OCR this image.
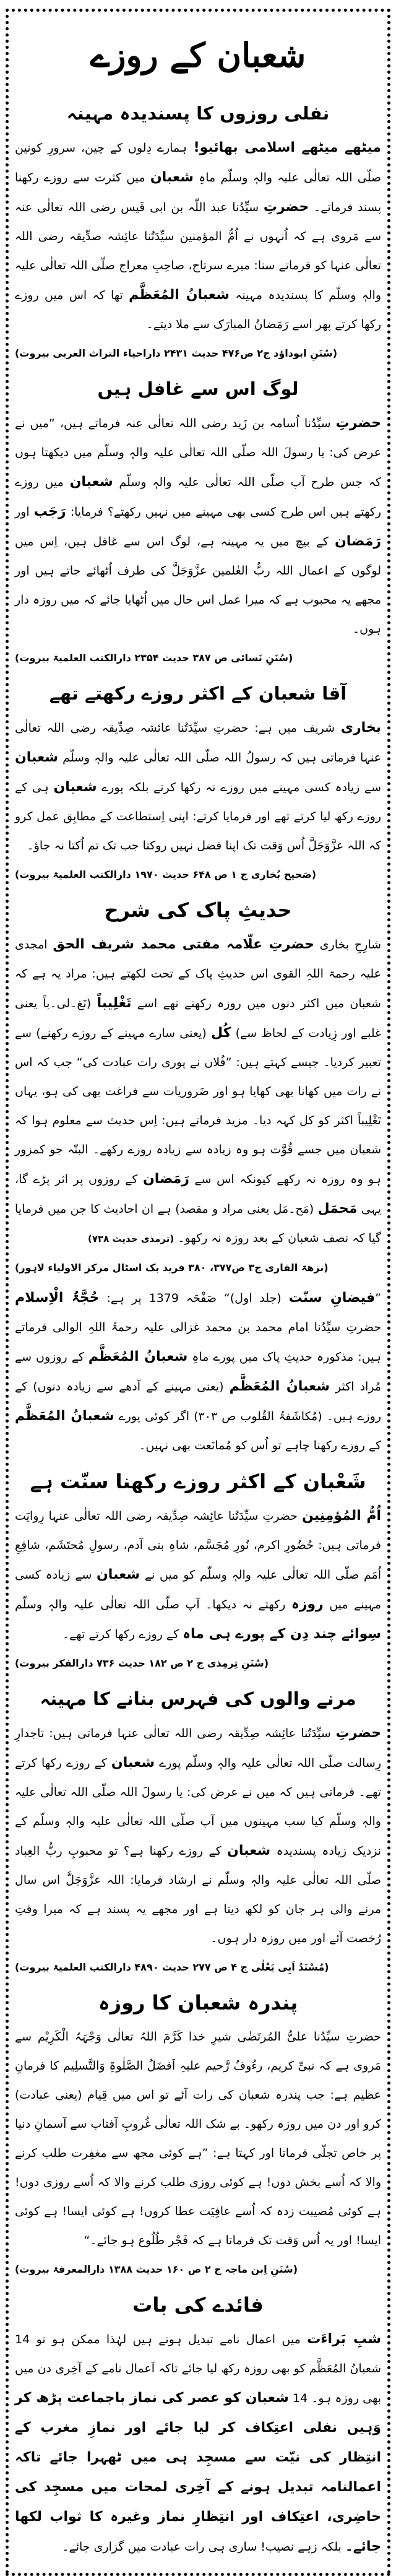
شعبان کے روزے
نفلی روزوں کا پسندیدہ مہینہ

میٹھے میٹھے اسلامی بھائیو! ہمارے دِلوں کے چین، سرورِ کونین صلّی اللہ تعالٰی علیہ والہٖ وسلّم ماہِ شعبان میں کثرت سے روزے رکھنا پسند فرماتے۔ حضرتِ سیِّدُنا عبد اللّٰہ بن ابی قَیس رضی اللہ تعالٰی عنہ سے مَروی ہے کہ اُنہوں نے اُمُّ المؤمنین سیِّدَتُنا عائِشہ صدِّیقہ رضی اللہ تعالٰی عنہا کو فرماتے سنا: میرے سرتاج، صاحِبِ معراج صلّی اللہ تعالٰی علیہ والہٖ وسلّم کا پسندیدہ مہینہ شعبانُ المُعَظَّم تھا کہ اس میں روزے رکھا کرتے پھر اسے رَمَضانُ المبارَک سے ملا دیتے۔

(سُنَنِ ابوداؤد ج۲ ص۴۷۶ حدیث ۲۴۳۱ داراحیاء التراث العربی بیروت)

لوگ اس سے غافل ہیں

حضرتِ سیِّدُنا اُسامہ بن زَید رضی اللہ تعالٰی عنہ فرماتے ہیں، ”میں نے عرض کی: یا رسولَ اللہ صلّی اللہ تعالٰی علیہ والہٖ وسلّم میں دیکھتا ہوں کہ جس طرح آپ صلّی اللہ تعالٰی علیہ والہٖ وسلّم شعبان میں روزے رکھتے ہیں اس طرح کسی بھی مہینے میں نہیں رکھتے؟ فرمایا: رَجَب اور رَمَضان کے بیچ میں یہ مہینہ ہے، لوگ اس سے غافل ہیں، اِس میں لوگوں کے اعمال اللہ ربُّ العٰلمین عزَّوَجَلَّ کی طرف اُٹھائے جاتے ہیں اور مجھے یہ محبوب ہے کہ میرا عمل اس حال میں اُٹھایا جائے کہ میں روزہ دار ہوں۔

(سُنَنِ نَسائی ص ۳۸۷ حدیث ۲۳۵۴ دارالکتب العلمیۃ بیروت)

آقا شعبان کے اکثر روزے رکھتے تھے

بخاری شریف میں ہے: حضرتِ سیِّدَتُنا عائشہ صِدِّیقہ رضی اللہ تعالٰی عنہا فرماتی ہیں کہ رسولُ اللہ صلّی اللہ تعالٰی علیہ والہٖ وسلّم شعبان سے زیادہ کسی مہینے میں روزے نہ رکھا کرتے بلکہ پورے شعبان ہی کے روزے رکھ لیا کرتے تھے اور فرمایا کرتے: اپنی اِستطاعت کے مطابِق عمل کرو کہ اللہ عزَّوَجَلَّ اُس وَقت تک اپنا فضل نہیں روکتا جب تک تم اُکتا نہ جاؤ۔

(صَحیح بُخاری ج ۱ ص ۶۴۸ حدیث ۱۹۷۰ دارالکتب العلمیۃ بیروت)

حدیثِ پاک کی شرح

شارِحِ بخاری حضرتِ علّامہ مفتی محمد شریف الحق امجدی علیہ رحمۃ اللہِ القوی اس حدیثِ پاک کے تحت لکھتے ہیں: مراد یہ ہے کہ شعبان میں اکثر دنوں میں روزہ رکھتے تھے اسے تَغْلِیباً (تَغ۔لی۔باً یعنی غلبے اور زِیادت کے لحاظ سے) کُل (یعنی سارے مہینے کے روزے رکھنے) سے تعبیر کردیا۔ جیسے کہتے ہیں: ”فُلاں نے پوری رات عبادت کی“ جب کہ اس نے رات میں کھانا بھی کھایا ہو اور ضَروریات سے فراغت بھی کی ہو، یہاں تَغْلِیباً اکثر کو کل کہہ دیا۔ مزید فرماتے ہیں: اِس حدیث سے معلوم ہوا کہ شعبان میں جسے قُوَّت ہو وہ زیادہ سے زیادہ روزے رکھے۔ البتّہ جو کمزور ہو وہ روزہ نہ رکھے کیونکہ اس سے رَمَضان کے روزوں پر اثر پڑے گا، یہی مَحمَل (مَح۔مَل یعنی مراد و مقصد) ہے ان احادیث کا جن میں فرمایا گیا کہ نصف شعبان کے بعد روزہ نہ رکھو۔ (ترمذی حدیث ۷۳۸)

(نزھۃ القاری ج۳ ص۳۷۷، ۳۸۰ فرید بک اسٹال مرکز الاولیاء لاہور)

”فیضانِ سنّت (جلد اول)“ صَفْحَہ 1379 پر ہے: حُجَّۃُ الْاِسلام حضرتِ سیِّدُنا امام محمد بن محمد غزالی علیہ رحمۃُ اللہِ الوالی فرماتے ہیں: مذکورہ حدیثِ پاک میں پورے ماہِ شعبانُ المُعَظَّم کے روزوں سے مُراد اکثر شعبانُ المُعَظَّم (یعنی مہینے کے آدھے سے زیادہ دنوں) کے روزے ہیں۔ (مُکاشَفۃُ القُلوب ص ۳۰۳) اگر کوئی پورے شعبانُ المُعَظَّم کے روزے رکھنا چاہے تو اُس کو مُمانَعت بھی نہیں۔

شَعْبان کے اکثر روزے رکھنا سنّت ہے

اُمُّ المُؤمِنِین حضرتِ سیِّدَتُنا عائِشہ صِدِّیقہ رضی اللہ تعالٰی عنہا رِوایَت فرماتی ہیں: حُضُورِ اکرم، نُورِ مُجَسَّم، شاہِ بنی آدم، رسولِ مُحتَشَم، شافِعِ اُمَم صلّی اللہ تعالٰی علیہ والہٖ وسلّم کو میں نے شعبان سے زیادہ کسی مہینے میں روزہ رکھتے نہ دیکھا۔ آپ صلّی اللہ تعالٰی علیہ والہٖ وسلّم سِوائے چند دِن کے پورے ہی ماہ کے روزے رکھا کرتے تھے۔

(سُنَنِ تِرمِذی ج ۲ ص ۱۸۲ حدیث ۷۳۶ دارالفکر بیروت)

مرنے والوں کی فہرس بنانے کا مہینہ

حضرتِ سیِّدَتُنا عائِشہ صِدِّیقہ رضی اللہ تعالٰی عنہا فرماتی ہیں: تاجدارِ رِسالت صلّی اللہ تعالٰی علیہ والہٖ وسلّم پورے شعبان کے روزے رکھا کرتے تھے۔ فرماتی ہیں کہ میں نے عرض کی: یا رسولَ اللہ صلّی اللہ تعالٰی علیہ والہٖ وسلّم کیا سب مہینوں میں آپ صلّی اللہ تعالٰی علیہ والہٖ وسلّم کے نزدیک زیادہ پسندیدہ شعبان کے روزے رکھنا ہے؟ تو محبوبِ ربُّ العِباد صلّی اللہ تعالٰی علیہ والہٖ وسلّم نے ارشاد فرمایا: اللہ عزَّوَجَلَّ اس سال مرنے والی ہر جان کو لکھ دیتا ہے اور مجھے یہ پسند ہے کہ میرا وقتِ رُخصت آئے اور میں روزہ دار ہوں۔

(مُسْنَدُ اَبِی یَعْلٰی ج ۴ ص ۲۷۷ حدیث ۴۸۹۰ دارالکتب العلمیۃ بیروت)

پندرہ شعبان کا روزہ

حضرتِ سیِّدُنا علیُّ المُرتَضٰی شیرِ خدا کَرَّمَ اللہُ تعالٰی وَجْہَہُ الْکَرِیْم سے مَروی ہے کہ نبیِّ کریم، رءُوفٌ رَّحیم علیہِ اَفضَلُ الصَّلٰوۃِ وَالتَّسلِیم کا فرمانِ عظیم ہے: جب پندرہ شعبان کی رات آئے تو اس میں قِیام (یعنی عبادت) کرو اور دن میں روزہ رکھو۔ بے شک اللہ تعالٰی غُروبِ آفتاب سے آسمانِ دنیا پر خاص تجلّی فرماتا اور کہتا ہے: ”ہے کوئی مجھ سے مغفِرت طلب کرنے والا کہ اُسے بخش دوں! ہے کوئی روزی طلب کرنے والا کہ اُسے روزی دوں! ہے کوئی مُصیبت زدہ کہ اُسے عافِیَت عطا کروں! ہے کوئی ایسا! ہے کوئی ایسا! اور یہ اُس وَقت تک فرماتا ہے کہ فَجْر طُلُوع ہو جائے۔“

(سُنَنِ اِبن ماجہ ج ۲ ص ۱۶۰ حدیث ۱۳۸۸ دارالمعرفۃ بیروت)

فائدے کی بات

شبِ بَراءَت میں اعمال نامے تبدیل ہوتے ہیں لہٰذا ممکن ہو تو 14 شعبانُ المُعَظَّم کو بھی روزہ رکھ لیا جائے تاکہ اَعمال نامے کے آخِری دن میں بھی روزہ ہو۔ 14 شعبان کو عصر کی نماز باجماعت پڑھ کر وَہیں نفلی اعتِکاف کر لیا جائے اور نمازِ مغرب کے انتِظار کی نیّت سے مسجِد ہی میں ٹھہرا جائے تاکہ اعمالنامہ تبدیل ہونے کے آخِری لمحات میں مسجِد کی حاضِری، اعتِکاف اور انتِظارِ نماز وغیرہ کا ثواب لکھا جائے۔ بلکہ زہے نصیب! ساری ہی رات عبادت میں گزاری جائے۔
